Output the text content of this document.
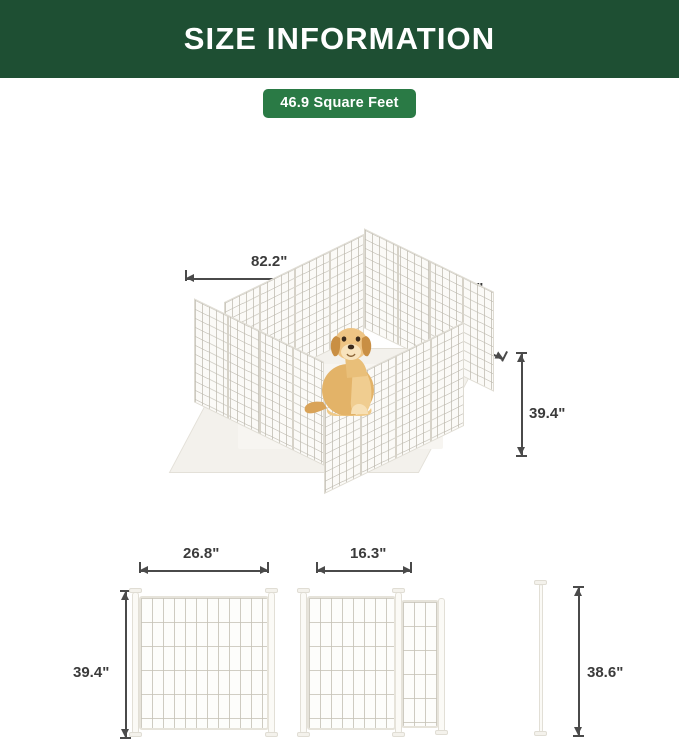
SIZE INFORMATION
46.9 Square Feet
82.2"
39.4"
26.8"
39.4"
16.3"
38.6"
